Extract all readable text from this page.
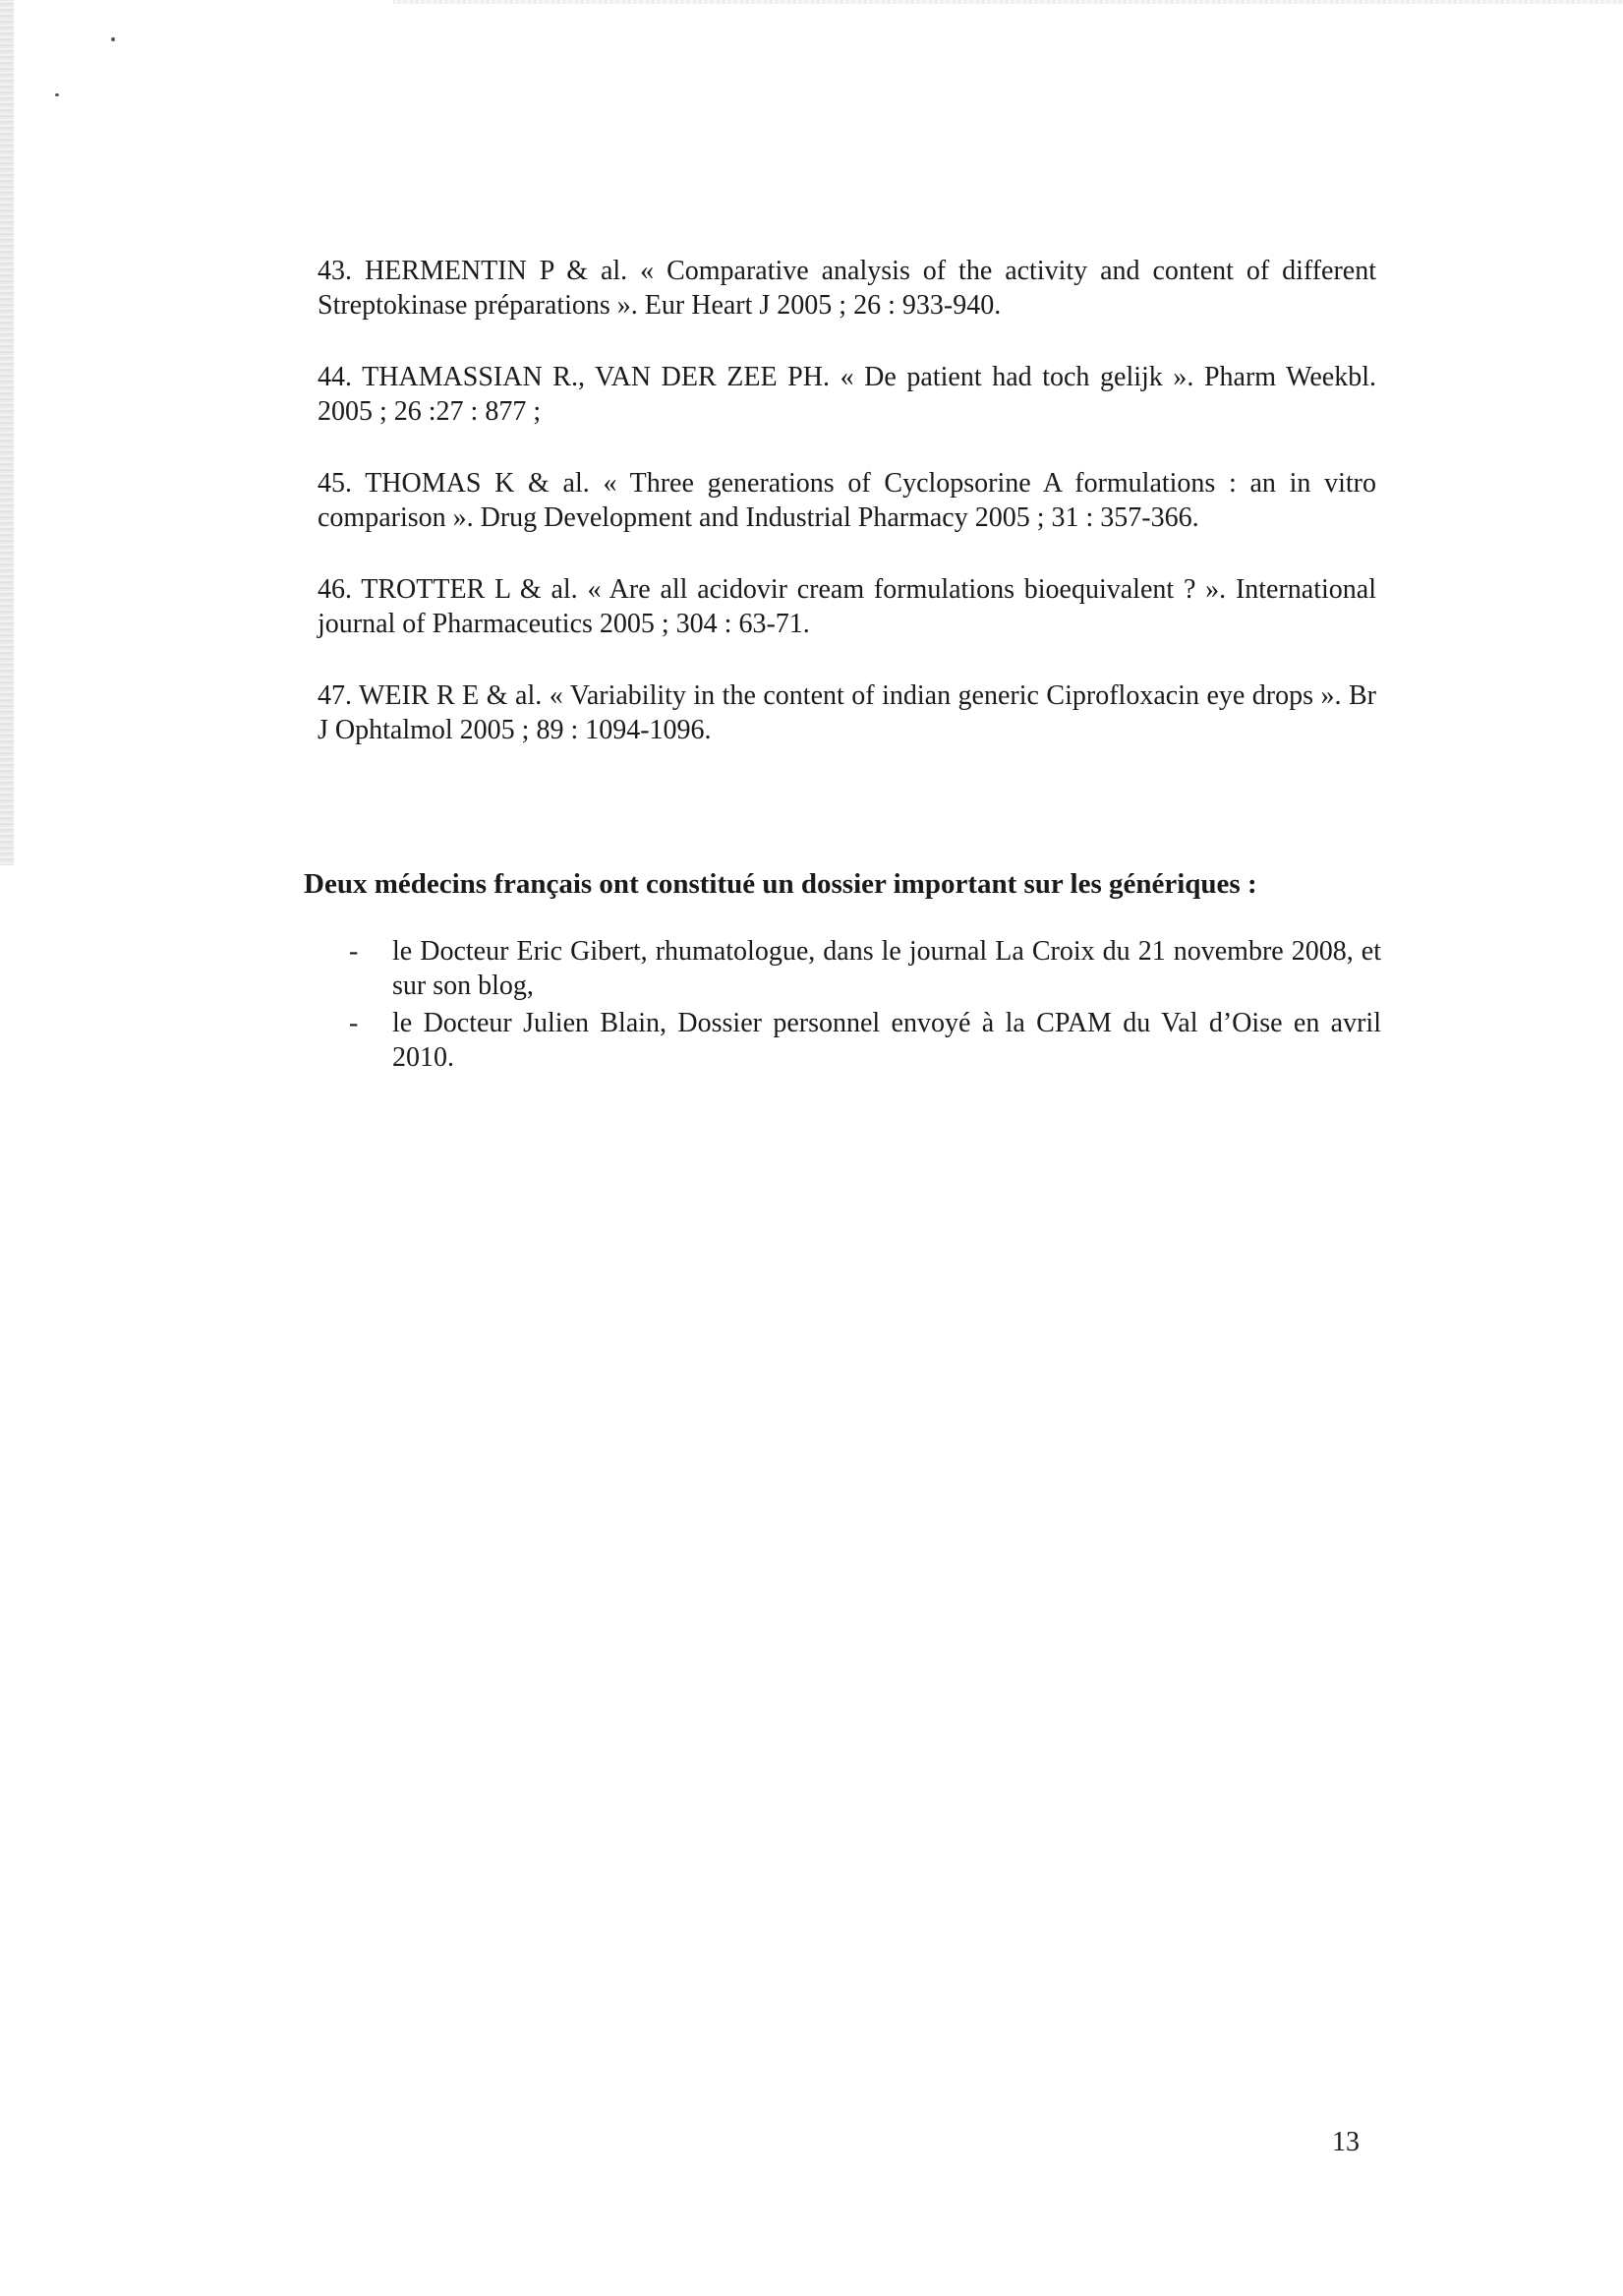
43. HERMENTIN P & al. « Comparative analysis of the activity and content of different Streptokinase préparations ». Eur Heart J 2005 ; 26 : 933-940.

44. THAMASSIAN R., VAN DER ZEE PH. « De patient had toch gelijk ». Pharm Weekbl. 2005 ; 26 :27 : 877 ;

45. THOMAS K & al. « Three generations of Cyclopsorine A formulations : an in vitro comparison ». Drug Development and Industrial Pharmacy 2005 ; 31 : 357-366.

46. TROTTER L & al. « Are all acidovir cream formulations bioequivalent ? ». International journal of Pharmaceutics 2005 ; 304 : 63-71.

47. WEIR R E & al. « Variability in the content of indian generic Ciprofloxacin eye drops ». Br J Ophtalmol 2005 ; 89 : 1094-1096.

Deux médecins français ont constitué un dossier important sur les génériques :
- le Docteur Eric Gibert, rhumatologue, dans le journal La Croix du 21 novembre 2008, et sur son blog,
- le Docteur Julien Blain, Dossier personnel envoyé à la CPAM du Val d’Oise en avril 2010.
13
